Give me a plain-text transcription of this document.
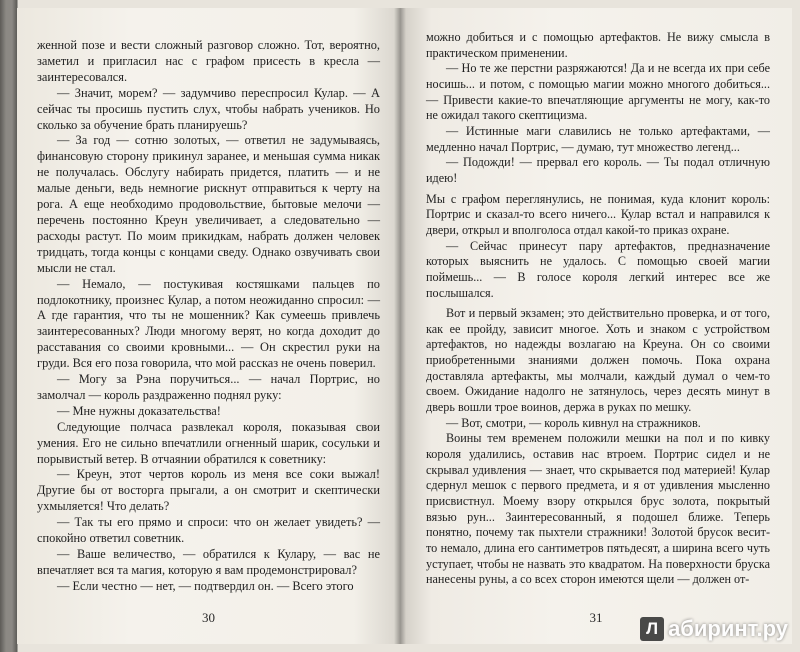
женной позе и вести сложный разговор сложно. Тот, вероятно, заметил и пригласил нас с графом присесть в кресла — заинтересовался.

— Значит, морем? — задумчиво переспросил Кулар. — А сейчас ты просишь пустить слух, чтобы набрать учеников. Но сколько за обучение брать планируешь?

— За год — сотню золотых, — ответил не задумываясь, финансовую сторону прикинул заранее, и меньшая сумма никак не получалась. Обслугу набирать придется, платить — и не малые деньги, ведь немногие рискнут отправиться к черту на рога. А еще необходимо продовольствие, бытовые мелочи — перечень постоянно Креун увеличивает, а следовательно — расходы растут. По моим прикидкам, набрать должен человек тридцать, тогда концы с концами сведу. Однако озвучивать свои мысли не стал.

— Немало, — постукивая костяшками пальцев по подлокотнику, произнес Кулар, а потом неожиданно спросил: — А где гарантия, что ты не мошенник? Как сумеешь привлечь заинтересованных? Люди многому верят, но когда доходит до расставания со своими кровными... — Он скрестил руки на груди. Вся его поза говорила, что мой рассказ не очень поверил.

— Могу за Рэна поручиться... — начал Портрис, но замолчал — король раздраженно поднял руку:

— Мне нужны доказательства!

Следующие полчаса развлекал короля, показывая свои умения. Его не сильно впечатлили огненный шарик, сосульки и порывистый ветер. В отчаянии обратился к советнику:

— Креун, этот чертов король из меня все соки выжал! Другие бы от восторга прыгали, а он смотрит и скептически ухмыляется! Что делать?

— Так ты его прямо и спроси: что он желает увидеть? — спокойно ответил советник.

— Ваше величество, — обратился к Кулару, — вас не впечатляет вся та магия, которую я вам продемонстрировал?

— Если честно — нет, — подтвердил он. — Всего этого

30

можно добиться и с помощью артефактов. Не вижу смысла в практическом применении.

— Но те же перстни разряжаются! Да и не всегда их при себе носишь... и потом, с помощью магии можно многого добиться... — Привести какие-то впечатляющие аргументы не могу, как-то не ожидал такого скептицизма.

— Истинные маги славились не только артефактами, — медленно начал Портрис, — думаю, тут множество легенд...

— Подожди! — прервал его король. — Ты подал отличную идею!

Мы с графом переглянулись, не понимая, куда клонит король: Портрис и сказал-то всего ничего... Кулар встал и направился к двери, открыл и вполголоса отдал какой-то приказ охране.

— Сейчас принесут пару артефактов, предназначение которых выяснить не удалось. С помощью своей магии поймешь... — В голосе короля легкий интерес все же послышался.

Вот и первый экзамен; это действительно проверка, и от того, как ее пройду, зависит многое. Хоть и знаком с устройством артефактов, но надежды возлагаю на Креуна. Он со своими приобретенными знаниями должен помочь. Пока охрана доставляла артефакты, мы молчали, каждый думал о чем-то своем. Ожидание надолго не затянулось, через десять минут в дверь вошли трое воинов, держа в руках по мешку.

— Вот, смотри, — король кивнул на стражников.

Воины тем временем положили мешки на пол и по кивку короля удалились, оставив нас втроем. Портрис сидел и не скрывал удивления — знает, что скрывается под материей! Кулар сдернул мешок с первого предмета, и я от удивления мысленно присвистнул. Моему взору открылся брус золота, покрытый вязью рун... Заинтересованный, я подошел ближе. Теперь понятно, почему так пыхтели стражники! Золотой брусок весит-то немало, длина его сантиметров пятьдесят, а ширина всего чуть уступает, чтобы не назвать это квадратом. На поверхности бруска нанесены руны, а со всех сторон имеются щели — должен от-

31
Л абиринт.ру
